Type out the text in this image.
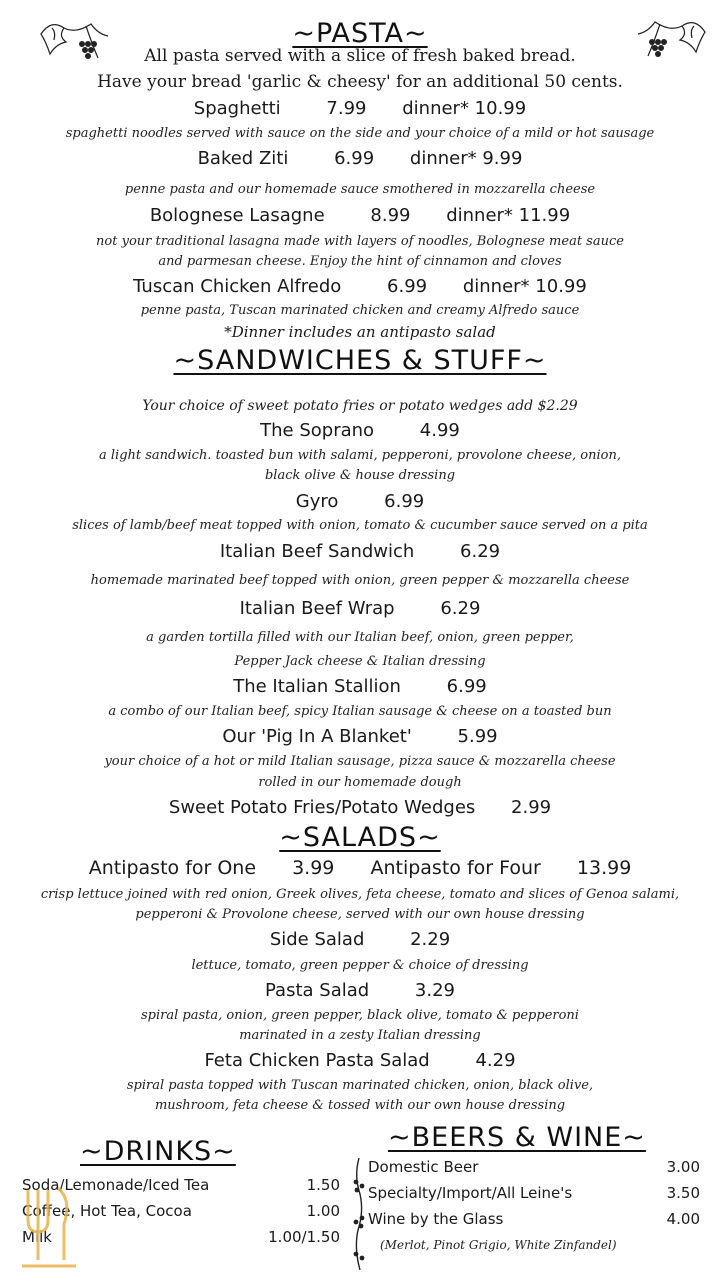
~PASTA~
All pasta served with a slice of fresh baked bread.
Have your bread 'garlic & cheesy' for an additional 50 cents.
Spaghetti	7.99 dinner* 10.99
spaghetti noodles served with sauce on the side and your choice of a mild or hot sausage
Baked Ziti	6.99 dinner* 9.99
penne pasta and our homemade sauce smothered in mozzarella cheese
Bolognese Lasagne	8.99 dinner* 11.99
not your traditional lasagna made with layers of noodles, Bolognese meat sauce
and parmesan cheese. Enjoy the hint of cinnamon and cloves
Tuscan Chicken Alfredo	6.99 dinner* 10.99
penne pasta, Tuscan marinated chicken and creamy Alfredo sauce
*Dinner includes an antipasto salad
~SANDWICHES & STUFF~
Your choice of sweet potato fries or potato wedges add $2.29
The Soprano	4.99
a light sandwich. toasted bun with salami, pepperoni, provolone cheese, onion,
black olive & house dressing
Gyro	6.99
slices of lamb/beef meat topped with onion, tomato & cucumber sauce served on a pita
Italian Beef Sandwich	6.29
homemade marinated beef topped with onion, green pepper & mozzarella cheese
Italian Beef Wrap	6.29
a garden tortilla filled with our Italian beef, onion, green pepper,
Pepper Jack cheese & Italian dressing
The Italian Stallion	6.99
a combo of our Italian beef, spicy Italian sausage & cheese on a toasted bun
Our 'Pig In A Blanket'	5.99
your choice of a hot or mild Italian sausage, pizza sauce & mozzarella cheese
rolled in our homemade dough
Sweet Potato Fries/Potato Wedges 2.99
~SALADS~
Antipasto for One 3.99 Antipasto for Four 13.99
crisp lettuce joined with red onion, Greek olives, feta cheese, tomato and slices of Genoa salami,
pepperoni & Provolone cheese, served with our own house dressing
Side Salad	2.29
lettuce, tomato, green pepper & choice of dressing
Pasta Salad	3.29
spiral pasta, onion, green pepper, black olive, tomato & pepperoni
marinated in a zesty Italian dressing
Feta Chicken Pasta Salad	4.29
spiral pasta topped with Tuscan marinated chicken, onion, black olive,
mushroom, feta cheese & tossed with our own house dressing
~DRINKS~
Soda/Lemonade/Iced Tea	1.50
Coffee, Hot Tea, Cocoa	1.00
Milk	1.00/1.50
~BEERS & WINE~
Domestic Beer	3.00
Specialty/Import/All Leine's	3.50
Wine by the Glass	4.00
(Merlot, Pinot Grigio, White Zinfandel)
